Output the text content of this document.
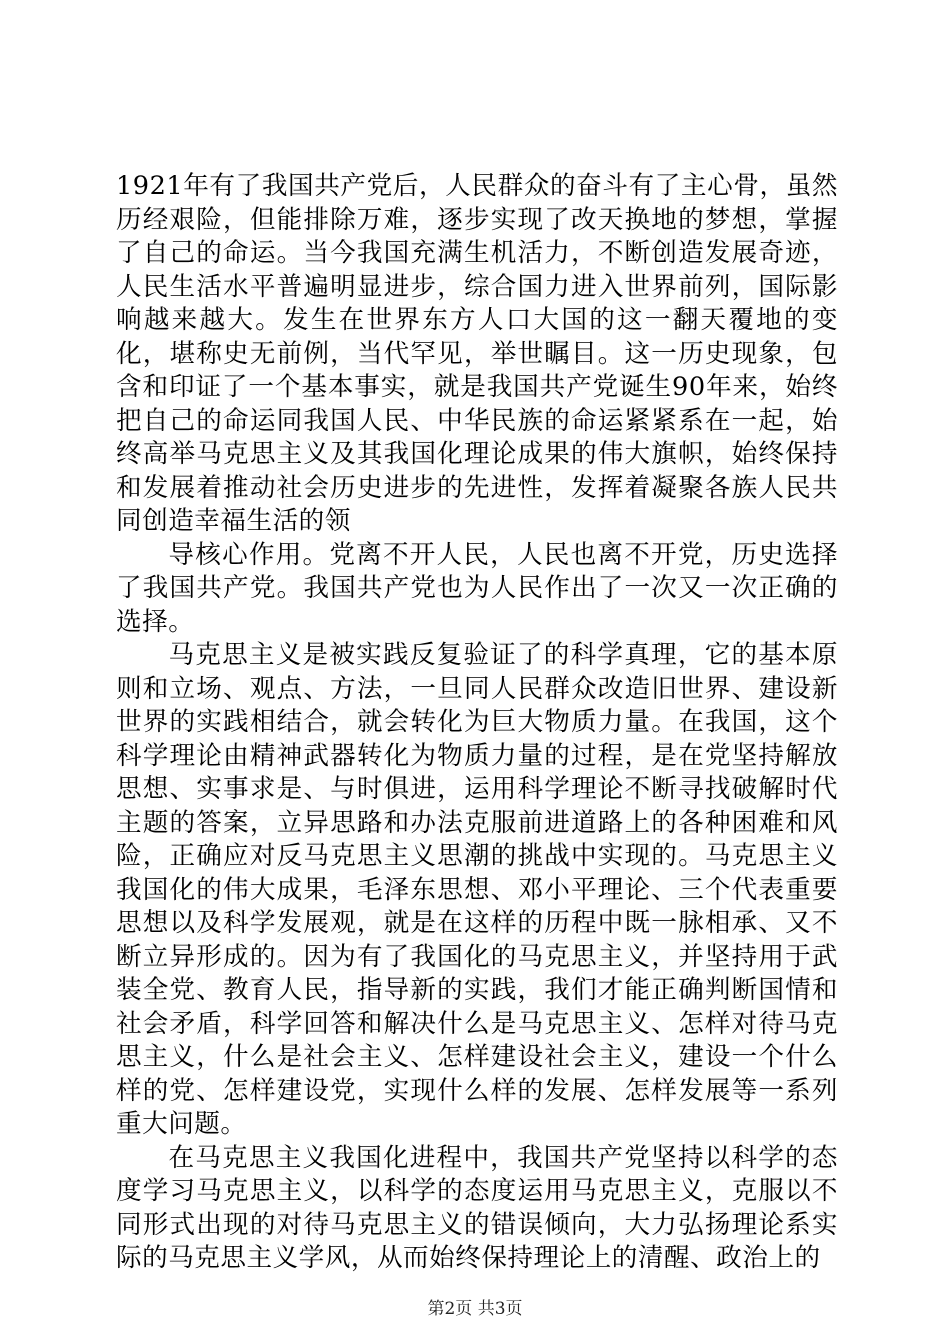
1921年有了我国共产党后，人民群众的奋斗有了主心骨，虽然历经艰险，但能排除万难，逐步实现了改天换地的梦想，掌握了自己的命运。当今我国充满生机活力，不断创造发展奇迹，人民生活水平普遍明显进步，综合国力进入世界前列，国际影响越来越大。发生在世界东方人口大国的这一翻天覆地的变化，堪称史无前例，当代罕见，举世瞩目。这一历史现象，包含和印证了一个基本事实，就是我国共产党诞生90年来，始终把自己的命运同我国人民、中华民族的命运紧紧系在一起，始终高举马克思主义及其我国化理论成果的伟大旗帜，始终保持和发展着推动社会历史进步的先进性，发挥着凝聚各族人民共同创造幸福生活的领

导核心作用。党离不开人民，人民也离不开党，历史选择了我国共产党。我国共产党也为人民作出了一次又一次正确的选择。

马克思主义是被实践反复验证了的科学真理，它的基本原则和立场、观点、方法，一旦同人民群众改造旧世界、建设新世界的实践相结合，就会转化为巨大物质力量。在我国，这个科学理论由精神武器转化为物质力量的过程，是在党坚持解放思想、实事求是、与时俱进，运用科学理论不断寻找破解时代主题的答案，立异思路和办法克服前进道路上的各种困难和风险，正确应对反马克思主义思潮的挑战中实现的。马克思主义我国化的伟大成果，毛泽东思想、邓小平理论、三个代表重要思想以及科学发展观，就是在这样的历程中既一脉相承、又不断立异形成的。因为有了我国化的马克思主义，并坚持用于武装全党、教育人民，指导新的实践，我们才能正确判断国情和社会矛盾，科学回答和解决什么是马克思主义、怎样对待马克思主义，什么是社会主义、怎样建设社会主义，建设一个什么样的党、怎样建设党，实现什么样的发展、怎样发展等一系列重大问题。

在马克思主义我国化进程中，我国共产党坚持以科学的态度学习马克思主义，以科学的态度运用马克思主义，克服以不同形式出现的对待马克思主义的错误倾向，大力弘扬理论系实际的马克思主义学风，从而始终保持理论上的清醒、政治上的

第2页 共3页
